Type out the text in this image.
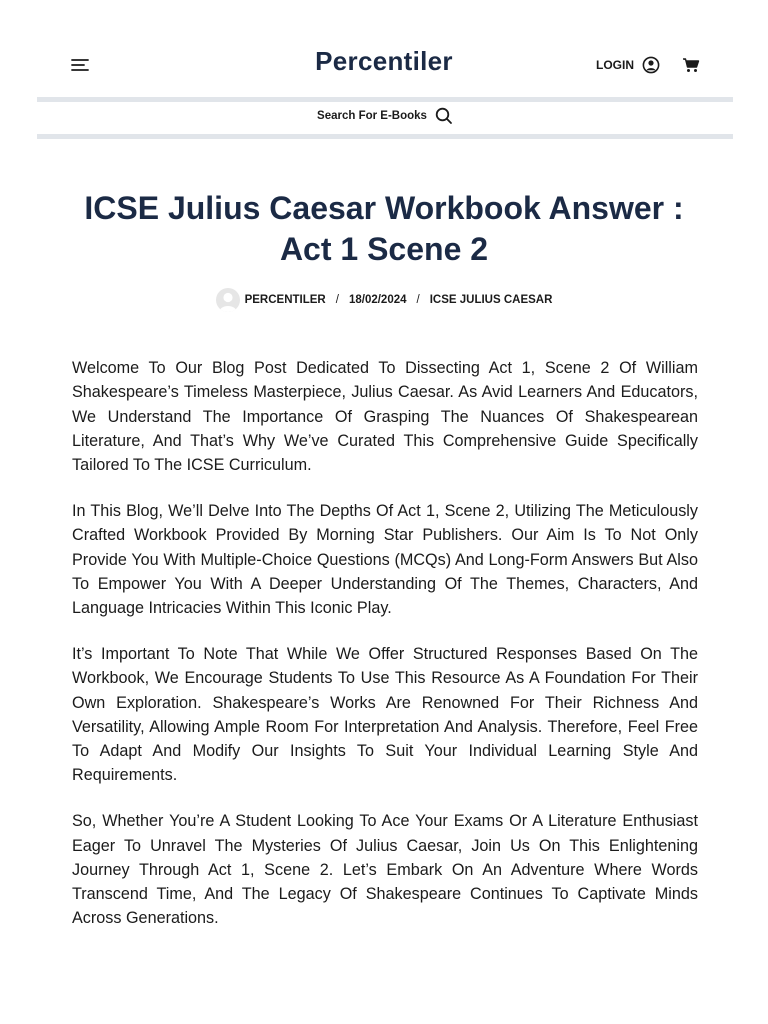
Percentiler	LOGIN
Search For E-Books
ICSE Julius Caesar Workbook Answer : Act 1 Scene 2
PERCENTILER / 18/02/2024 / ICSE JULIUS CAESAR

Welcome To Our Blog Post Dedicated To Dissecting Act 1, Scene 2 Of William Shakespeare’s Timeless Masterpiece, Julius Caesar. As Avid Learners And Educators, We Understand The Importance Of Grasping The Nuances Of Shakespearean Literature, And That’s Why We’ve Curated This Comprehensive Guide Specifically Tailored To The ICSE Curriculum.

In This Blog, We’ll Delve Into The Depths Of Act 1, Scene 2, Utilizing The Meticulously Crafted Workbook Provided By Morning Star Publishers. Our Aim Is To Not Only Provide You With Multiple-Choice Questions (MCQs) And Long-Form Answers But Also To Empower You With A Deeper Understanding Of The Themes, Characters, And Language Intricacies Within This Iconic Play.

It’s Important To Note That While We Offer Structured Responses Based On The Workbook, We Encourage Students To Use This Resource As A Foundation For Their Own Exploration. Shakespeare’s Works Are Renowned For Their Richness And Versatility, Allowing Ample Room For Interpretation And Analysis. Therefore, Feel Free To Adapt And Modify Our Insights To Suit Your Individual Learning Style And Requirements.

So, Whether You’re A Student Looking To Ace Your Exams Or A Literature Enthusiast Eager To Unravel The Mysteries Of Julius Caesar, Join Us On This Enlightening Journey Through Act 1, Scene 2. Let’s Embark On An Adventure Where Words Transcend Time, And The Legacy Of Shakespeare Continues To Captivate Minds Across Generations.
